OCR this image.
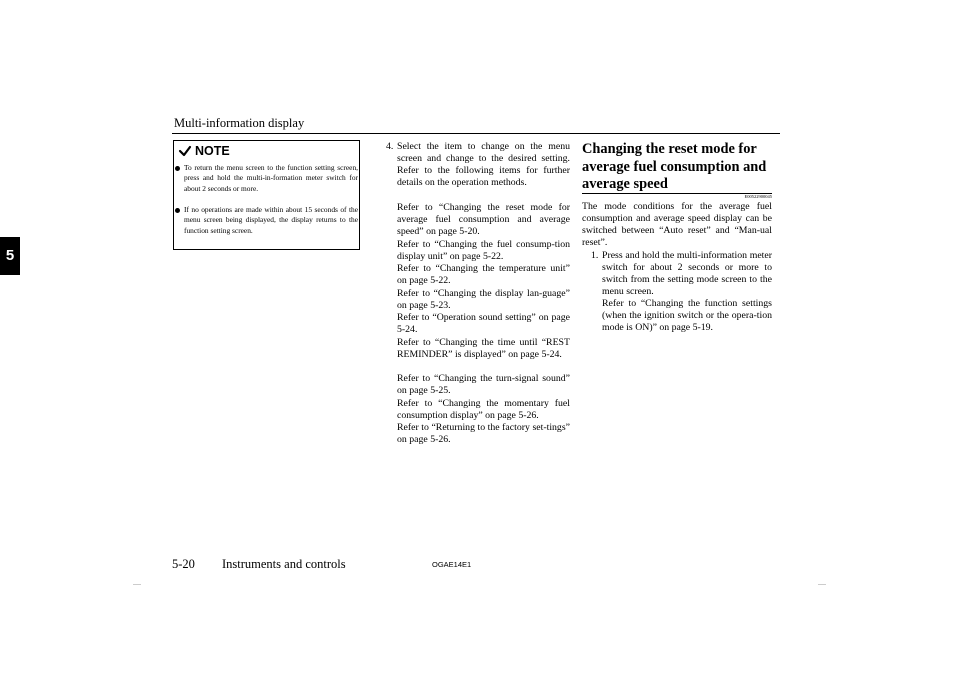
Multi-information display
5
NOTE
To return the menu screen to the function setting screen, press and hold the multi-in-formation meter switch for about 2 seconds or more.
If no operations are made within about 15 seconds of the menu screen being displayed, the display returns to the function setting screen.
4. Select the item to change on the menu screen and change to the desired setting. Refer to the following items for further details on the operation methods.
Refer to “Changing the reset mode for average fuel consumption and average speed” on page 5-20.
Refer to “Changing the fuel consump-tion display unit” on page 5-22.
Refer to “Changing the temperature unit” on page 5-22.
Refer to “Changing the display lan-guage” on page 5-23.
Refer to “Operation sound setting” on page 5-24.
Refer to “Changing the time until “REST REMINDER” is displayed” on page 5-24.
Refer to “Changing the turn-signal sound” on page 5-25.
Refer to “Changing the momentary fuel consumption display” on page 5-26.
Refer to “Returning to the factory set-tings” on page 5-26.
Changing the reset mode for average fuel consumption and average speed
E00522900045
The mode conditions for the average fuel consumption and average speed display can be switched between “Auto reset” and “Man-ual reset”.
1. Press and hold the multi-information meter switch for about 2 seconds or more to switch from the setting mode screen to the menu screen.
Refer to “Changing the function settings (when the ignition switch or the opera-tion mode is ON)” on page 5-19.
5-20 Instruments and controls	OGAE14E1
